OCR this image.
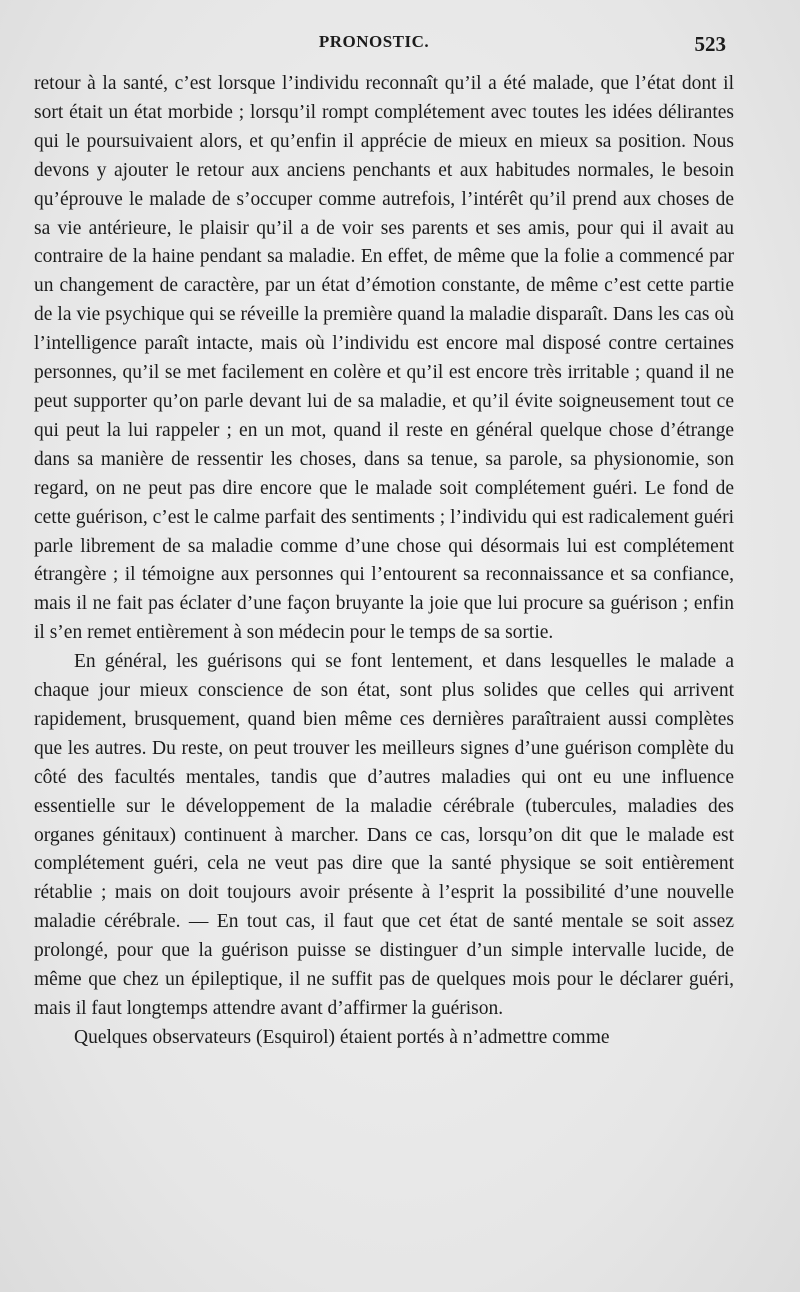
PRONOSTIC.	523

retour à la santé, c’est lorsque l’individu reconnaît qu’il a été malade, que l’état dont il sort était un état morbide ; lorsqu’il rompt complétement avec toutes les idées délirantes qui le poursuivaient alors, et qu’enfin il apprécie de mieux en mieux sa position. Nous devons y ajouter le retour aux anciens penchants et aux habitudes normales, le besoin qu’éprouve le malade de s’occuper comme autrefois, l’intérêt qu’il prend aux choses de sa vie antérieure, le plaisir qu’il a de voir ses parents et ses amis, pour qui il avait au contraire de la haine pendant sa maladie. En effet, de même que la folie a commencé par un changement de caractère, par un état d’émotion constante, de même c’est cette partie de la vie psychique qui se réveille la première quand la maladie disparaît. Dans les cas où l’intelligence paraît intacte, mais où l’individu est encore mal disposé contre certaines personnes, qu’il se met facilement en colère et qu’il est encore très irritable ; quand il ne peut supporter qu’on parle devant lui de sa maladie, et qu’il évite soigneusement tout ce qui peut la lui rappeler ; en un mot, quand il reste en général quelque chose d’étrange dans sa manière de ressentir les choses, dans sa tenue, sa parole, sa physionomie, son regard, on ne peut pas dire encore que le malade soit complétement guéri. Le fond de cette guérison, c’est le calme parfait des sentiments ; l’individu qui est radicalement guéri parle librement de sa maladie comme d’une chose qui désormais lui est complétement étrangère ; il témoigne aux personnes qui l’entourent sa reconnaissance et sa confiance, mais il ne fait pas éclater d’une façon bruyante la joie que lui procure sa guérison ; enfin il s’en remet entièrement à son médecin pour le temps de sa sortie.

En général, les guérisons qui se font lentement, et dans lesquelles le malade a chaque jour mieux conscience de son état, sont plus solides que celles qui arrivent rapidement, brusquement, quand bien même ces dernières paraîtraient aussi complètes que les autres. Du reste, on peut trouver les meilleurs signes d’une guérison complète du côté des facultés mentales, tandis que d’autres maladies qui ont eu une influence essentielle sur le développement de la maladie cérébrale (tubercules, maladies des organes génitaux) continuent à marcher. Dans ce cas, lorsqu’on dit que le malade est complétement guéri, cela ne veut pas dire que la santé physique se soit entièrement rétablie ; mais on doit toujours avoir présente à l’esprit la possibilité d’une nouvelle maladie cérébrale. — En tout cas, il faut que cet état de santé mentale se soit assez prolongé, pour que la guérison puisse se distinguer d’un simple intervalle lucide, de même que chez un épileptique, il ne suffit pas de quelques mois pour le déclarer guéri, mais il faut longtemps attendre avant d’affirmer la guérison.

Quelques observateurs (Esquirol) étaient portés à n’admettre comme
